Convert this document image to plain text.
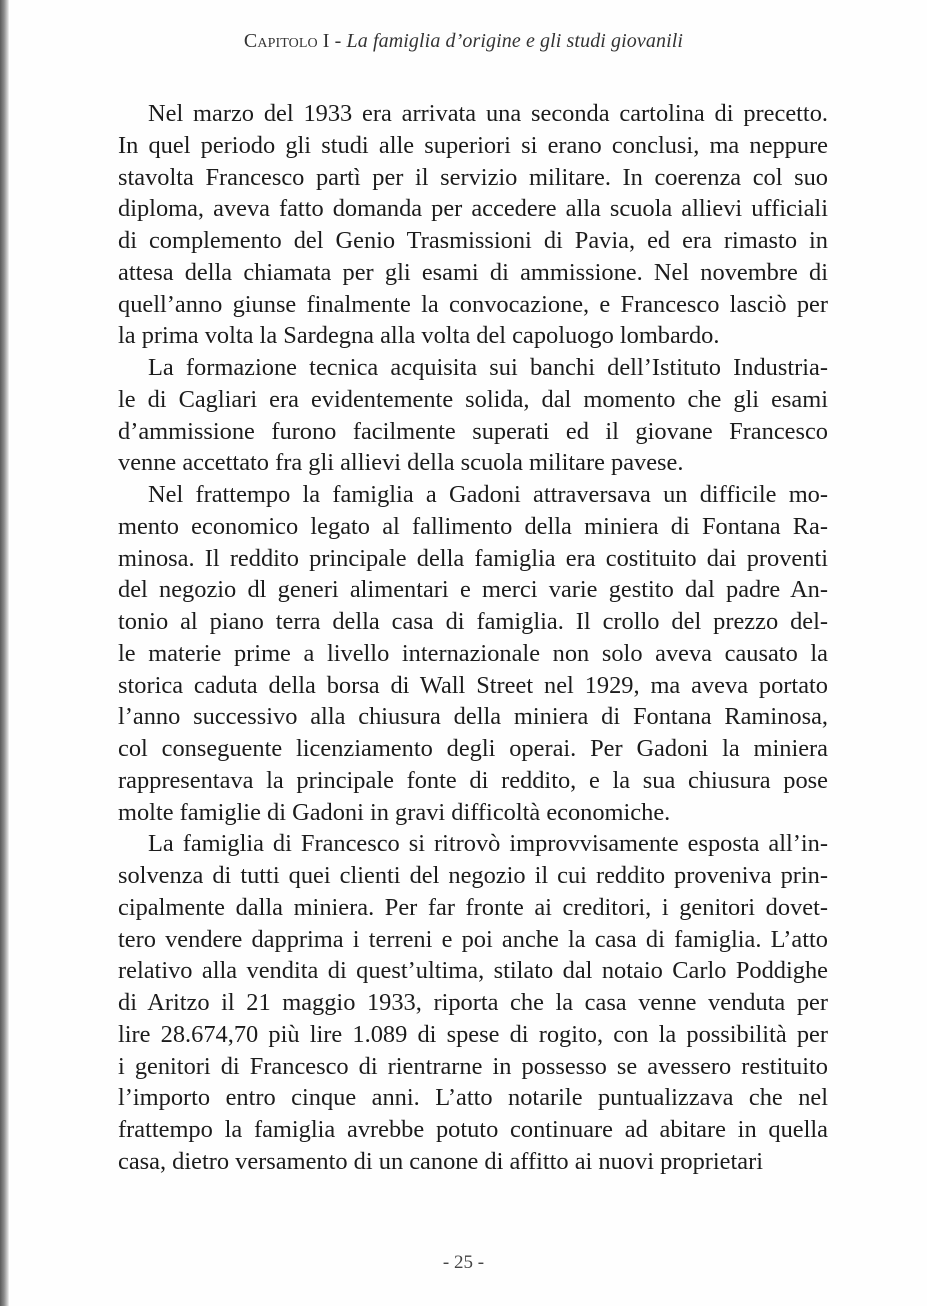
Capitolo I - La famiglia d’origine e gli studi giovanili
Nel marzo del 1933 era arrivata una seconda cartolina di precetto.
In quel periodo gli studi alle superiori si erano conclusi, ma neppure
stavolta Francesco partì per il servizio militare. In coerenza col suo
diploma, aveva fatto domanda per accedere alla scuola allievi ufficiali
di complemento del Genio Trasmissioni di Pavia, ed era rimasto in
attesa della chiamata per gli esami di ammissione. Nel novembre di
quell’anno giunse finalmente la convocazione, e Francesco lasciò per
la prima volta la Sardegna alla volta del capoluogo lombardo.
La formazione tecnica acquisita sui banchi dell’Istituto Industria-
le di Cagliari era evidentemente solida, dal momento che gli esami
d’ammissione furono facilmente superati ed il giovane Francesco
venne accettato fra gli allievi della scuola militare pavese.
Nel frattempo la famiglia a Gadoni attraversava un difficile mo-
mento economico legato al fallimento della miniera di Fontana Ra-
minosa. Il reddito principale della famiglia era costituito dai proventi
del negozio dl generi alimentari e merci varie gestito dal padre An-
tonio al piano terra della casa di famiglia. Il crollo del prezzo del-
le materie prime a livello internazionale non solo aveva causato la
storica caduta della borsa di Wall Street nel 1929, ma aveva portato
l’anno successivo alla chiusura della miniera di Fontana Raminosa,
col conseguente licenziamento degli operai. Per Gadoni la miniera
rappresentava la principale fonte di reddito, e la sua chiusura pose
molte famiglie di Gadoni in gravi difficoltà economiche.
La famiglia di Francesco si ritrovò improvvisamente esposta all’in-
solvenza di tutti quei clienti del negozio il cui reddito proveniva prin-
cipalmente dalla miniera. Per far fronte ai creditori, i genitori dovet-
tero vendere dapprima i terreni e poi anche la casa di famiglia. L’atto
relativo alla vendita di quest’ultima, stilato dal notaio Carlo Poddighe
di Aritzo il 21 maggio 1933, riporta che la casa venne venduta per
lire 28.674,70 più lire 1.089 di spese di rogito, con la possibilità per
i genitori di Francesco di rientrarne in possesso se avessero restituito
l’importo entro cinque anni. L’atto notarile puntualizzava che nel
frattempo la famiglia avrebbe potuto continuare ad abitare in quella
casa, dietro versamento di un canone di affitto ai nuovi proprietari
- 25 -
